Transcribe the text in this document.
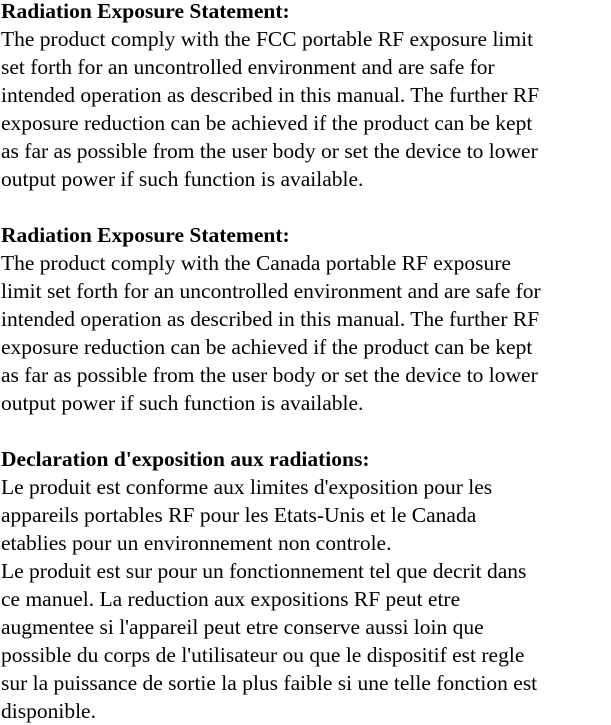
Radiation Exposure Statement:
The product comply with the FCC portable RF exposure limit
set forth for an uncontrolled environment and are safe for
intended operation as described in this manual. The further RF
exposure reduction can be achieved if the product can be kept
as far as possible from the user body or set the device to lower
output power if such function is available.
Radiation Exposure Statement:
The product comply with the Canada portable RF exposure
limit set forth for an uncontrolled environment and are safe for
intended operation as described in this manual. The further RF
exposure reduction can be achieved if the product can be kept
as far as possible from the user body or set the device to lower
output power if such function is available.
Declaration d'exposition aux radiations:
Le produit est conforme aux limites d'exposition pour les
appareils portables RF pour les Etats-Unis et le Canada
etablies pour un environnement non controle.
Le produit est sur pour un fonctionnement tel que decrit dans
ce manuel. La reduction aux expositions RF peut etre
augmentee si l'appareil peut etre conserve aussi loin que
possible du corps de l'utilisateur ou que le dispositif est regle
sur la puissance de sortie la plus faible si une telle fonction est
disponible.
